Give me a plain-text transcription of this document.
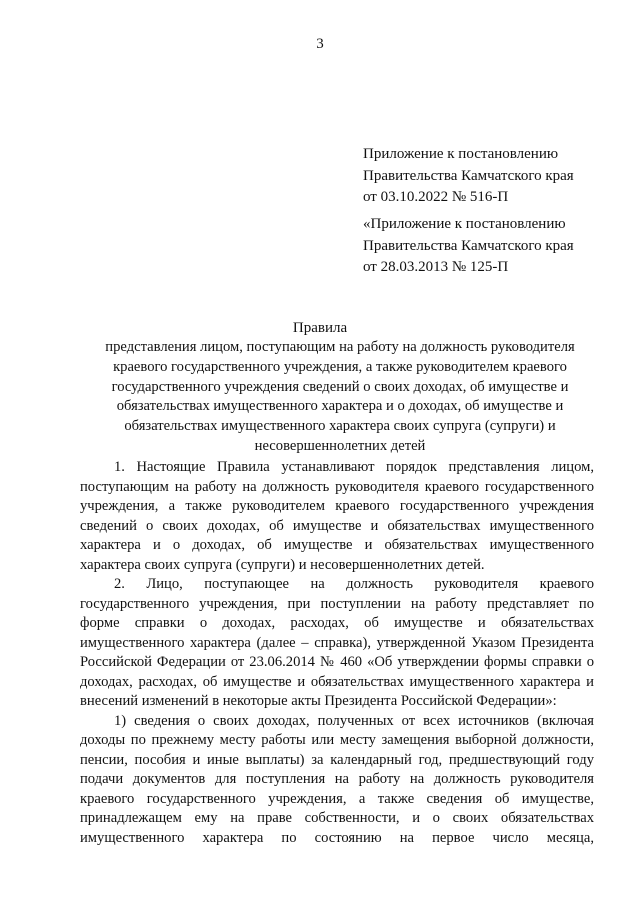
3
Приложение к постановлению
Правительства Камчатского края
от 03.10.2022 № 516-П
«Приложение к постановлению
Правительства Камчатского края
от 28.03.2013 № 125-П
Правила
представления лицом, поступающим на работу на должность руководителя
краевого государственного учреждения, а также руководителем краевого
государственного учреждения сведений о своих доходах, об имуществе и
обязательствах имущественного характера и о доходах, об имуществе и
обязательствах имущественного характера своих супруга (супруги) и
несовершеннолетних детей
1. Настоящие Правила устанавливают порядок представления лицом,
поступающим на работу на должность руководителя краевого государственного
учреждения, а также руководителем краевого государственного учреждения
сведений о своих доходах, об имуществе и обязательствах имущественного
характера и о доходах, об имуществе и обязательствах имущественного
характера своих супруга (супруги) и несовершеннолетних детей.
2. Лицо, поступающее на должность руководителя краевого
государственного учреждения, при поступлении на работу представляет по
форме справки о доходах, расходах, об имуществе и обязательствах
имущественного характера (далее – справка), утвержденной Указом Президента
Российской Федерации от 23.06.2014 № 460 «Об утверждении формы справки о
доходах, расходах, об имуществе и обязательствах имущественного характера и
внесений изменений в некоторые акты Президента Российской Федерации»:
1) сведения о своих доходах, полученных от всех источников (включая
доходы по прежнему месту работы или месту замещения выборной должности,
пенсии, пособия и иные выплаты) за календарный год, предшествующий году
подачи документов для поступления на работу на должность руководителя
краевого государственного учреждения, а также сведения об имуществе,
принадлежащем ему на праве собственности, и о своих обязательствах
имущественного характера по состоянию на первое число месяца,
